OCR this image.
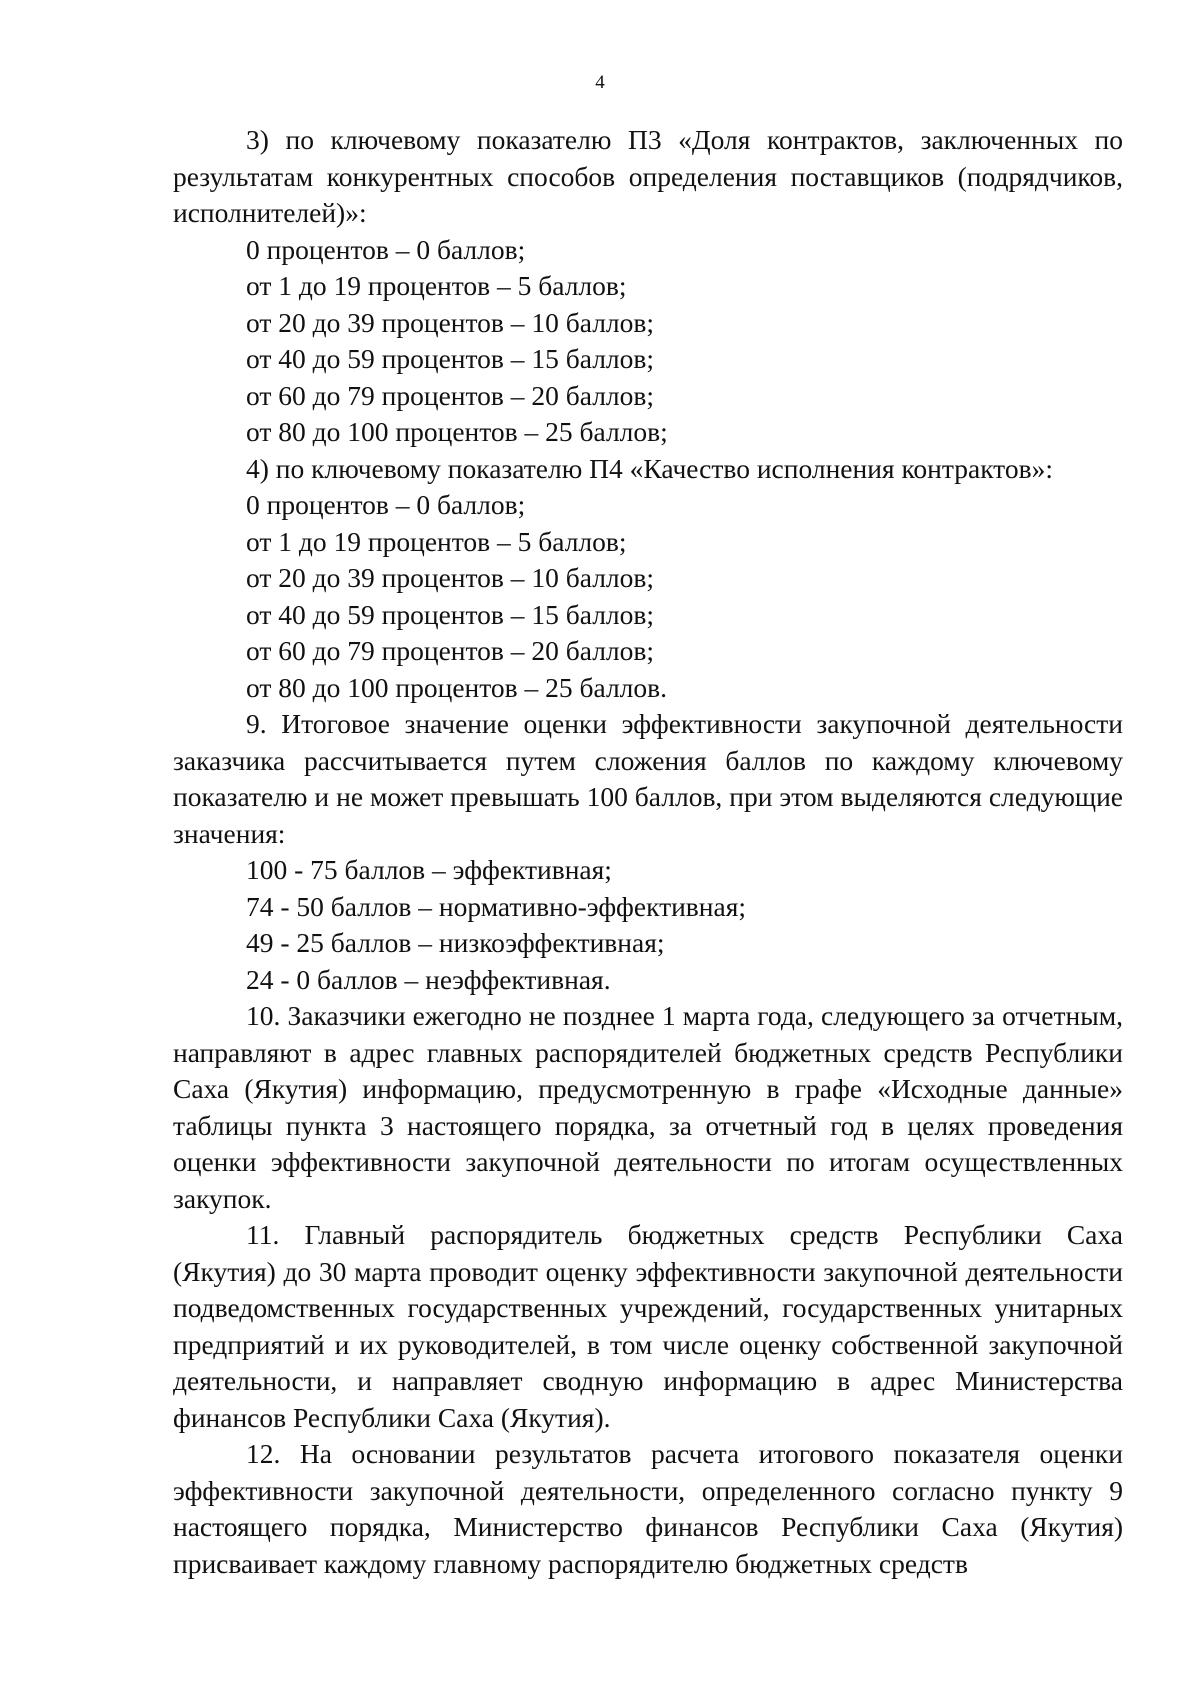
4

3) по ключевому показателю П3 «Доля контрактов, заключенных по результатам конкурентных способов определения поставщиков (подрядчиков, исполнителей)»:

0 процентов – 0 баллов;

от 1 до 19 процентов – 5 баллов;

от 20 до 39 процентов – 10 баллов;

от 40 до 59 процентов – 15 баллов;

от 60 до 79 процентов – 20 баллов;

от 80 до 100 процентов – 25 баллов;

4) по ключевому показателю П4 «Качество исполнения контрактов»:

0 процентов – 0 баллов;

от 1 до 19 процентов – 5 баллов;

от 20 до 39 процентов – 10 баллов;

от 40 до 59 процентов – 15 баллов;

от 60 до 79 процентов – 20 баллов;

от 80 до 100 процентов – 25 баллов.

9. Итоговое значение оценки эффективности закупочной деятельности заказчика рассчитывается путем сложения баллов по каждому ключевому показателю и не может превышать 100 баллов, при этом выделяются следующие значения:

100 - 75 баллов – эффективная;

74 - 50 баллов – нормативно-эффективная;

49 - 25 баллов – низкоэффективная;

24 - 0 баллов – неэффективная.

10. Заказчики ежегодно не позднее 1 марта года, следующего за отчетным, направляют в адрес главных распорядителей бюджетных средств Республики Саха (Якутия) информацию, предусмотренную в графе «Исходные данные» таблицы пункта 3 настоящего порядка, за отчетный год в целях проведения оценки эффективности закупочной деятельности по итогам осуществленных закупок.

11. Главный распорядитель бюджетных средств Республики Саха (Якутия) до 30 марта проводит оценку эффективности закупочной деятельности подведомственных государственных учреждений, государственных унитарных предприятий и их руководителей, в том числе оценку собственной закупочной деятельности, и направляет сводную информацию в адрес Министерства финансов Республики Саха (Якутия).

12. На основании результатов расчета итогового показателя оценки эффективности закупочной деятельности, определенного согласно пункту 9 настоящего порядка, Министерство финансов Республики Саха (Якутия) присваивает каждому главному распорядителю бюджетных средств
